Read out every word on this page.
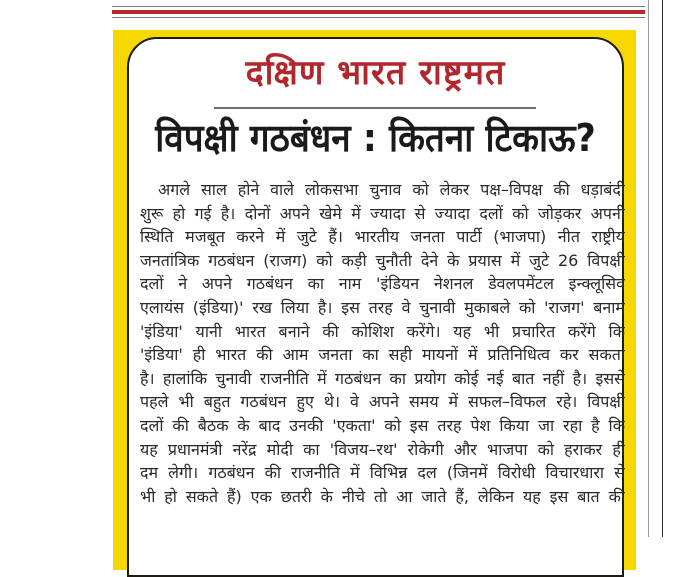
दक्षिण भारत राष्ट्रमत
विपक्षी गठबंधन : कितना टिकाऊ?
अगले साल होने वाले लोकसभा चुनाव को लेकर पक्ष–विपक्ष की धड़ाबंदी
शुरू हो गई है। दोनों अपने खेमे में ज्यादा से ज्यादा दलों को जोड़कर अपनी
स्थिति मजबूत करने में जुटे हैं। भारतीय जनता पार्टी (भाजपा) नीत राष्ट्रीय
जनतांत्रिक गठबंधन (राजग) को कड़ी चुनौती देने के प्रयास में जुटे 26 विपक्षी
दलों ने अपने गठबंधन का नाम 'इंडियन नेशनल डेवलपमेंटल इन्क्लूसिव
एलायंस (इंडिया)' रख लिया है। इस तरह वे चुनावी मुकाबले को 'राजग' बनाम
'इंडिया' यानी भारत बनाने की कोशिश करेंगे। यह भी प्रचारित करेंगे कि
'इंडिया' ही भारत की आम जनता का सही मायनों में प्रतिनिधित्व कर सकता
है। हालांकि चुनावी राजनीति में गठबंधन का प्रयोग कोई नई बात नहीं है। इससे
पहले भी बहुत गठबंधन हुए थे। वे अपने समय में सफल–विफल रहे। विपक्षी
दलों की बैठक के बाद उनकी 'एकता' को इस तरह पेश किया जा रहा है कि
यह प्रधानमंत्री नरेंद्र मोदी का 'विजय–रथ' रोकेगी और भाजपा को हराकर ही
दम लेगी। गठबंधन की राजनीति में विभिन्न दल (जिनमें विरोधी विचारधारा से
भी हो सकते हैं) एक छतरी के नीचे तो आ जाते हैं, लेकिन यह इस बात की
